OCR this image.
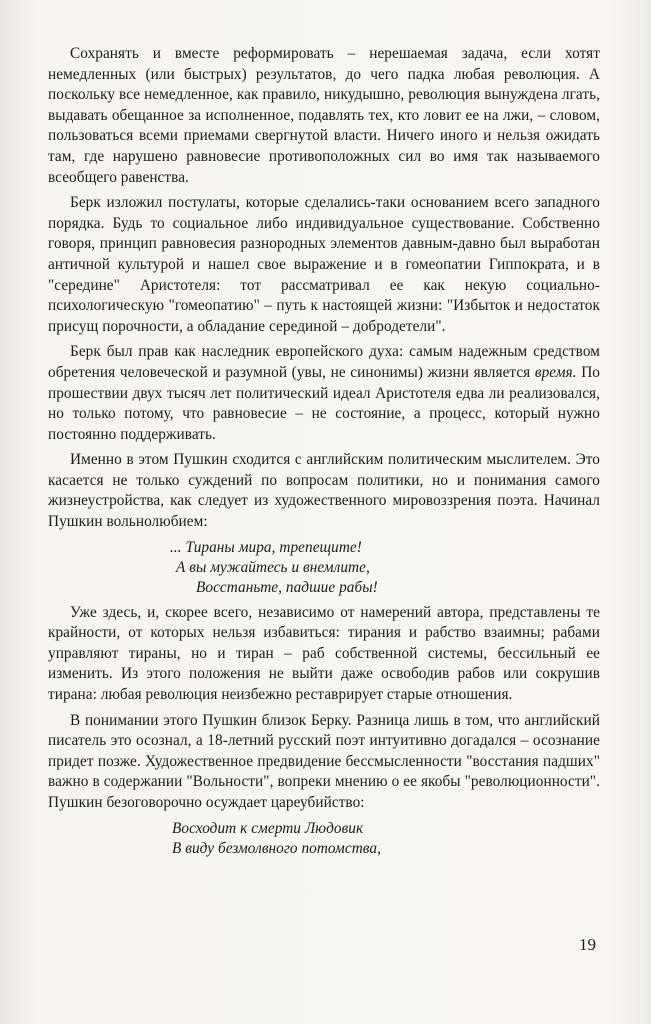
Сохранять и вместе реформировать – нерешаемая задача, если хотят немедленных (или быстрых) результатов, до чего падка любая революция. А поскольку все немедленное, как правило, никудышно, революция вынуждена лгать, выдавать обещанное за исполненное, подавлять тех, кто ловит ее на лжи, – словом, пользоваться всеми приемами свергнутой власти. Ничего иного и нельзя ожидать там, где нарушено равновесие противоположных сил во имя так называемого всеобщего равенства.

Берк изложил постулаты, которые сделались-таки основанием всего западного порядка. Будь то социальное либо индивидуальное существование. Собственно говоря, принцип равновесия разнородных элементов давным-давно был выработан античной культурой и нашел свое выражение и в гомеопатии Гиппократа, и в "середине" Аристотеля: тот рассматривал ее как некую социально-психологическую "гомеопатию" – путь к настоящей жизни: "Избыток и недостаток присущ порочности, а обладание серединой – добродетели".

Берк был прав как наследник европейского духа: самым надежным средством обретения человеческой и разумной (увы, не синонимы) жизни является время. По прошествии двух тысяч лет политический идеал Аристотеля едва ли реализовался, но только потому, что равновесие – не состояние, а процесс, который нужно постоянно поддерживать.

Именно в этом Пушкин сходится с английским политическим мыслителем. Это касается не только суждений по вопросам политики, но и понимания самого жизнеустройства, как следует из художественного мировоззрения поэта. Начинал Пушкин вольнолюбием:

... Тираны мира, трепещите!
А вы мужайтесь и внемлите,
Восстаньте, падшие рабы!

Уже здесь, и, скорее всего, независимо от намерений автора, представлены те крайности, от которых нельзя избавиться: тирания и рабство взаимны; рабами управляют тираны, но и тиран – раб собственной системы, бессильный ее изменить. Из этого положения не выйти даже освободив рабов или сокрушив тирана: любая революция неизбежно реставрирует старые отношения.

В понимании этого Пушкин близок Берку. Разница лишь в том, что английский писатель это осознал, а 18-летний русский поэт интуитивно догадался – осознание придет позже. Художественное предвидение бессмысленности "восстания падших" важно в содержании "Вольности", вопреки мнению о ее якобы "революционности". Пушкин безоговорочно осуждает цареубийство:

Восходит к смерти Людовик
В виду безмолвного потомства,
19
